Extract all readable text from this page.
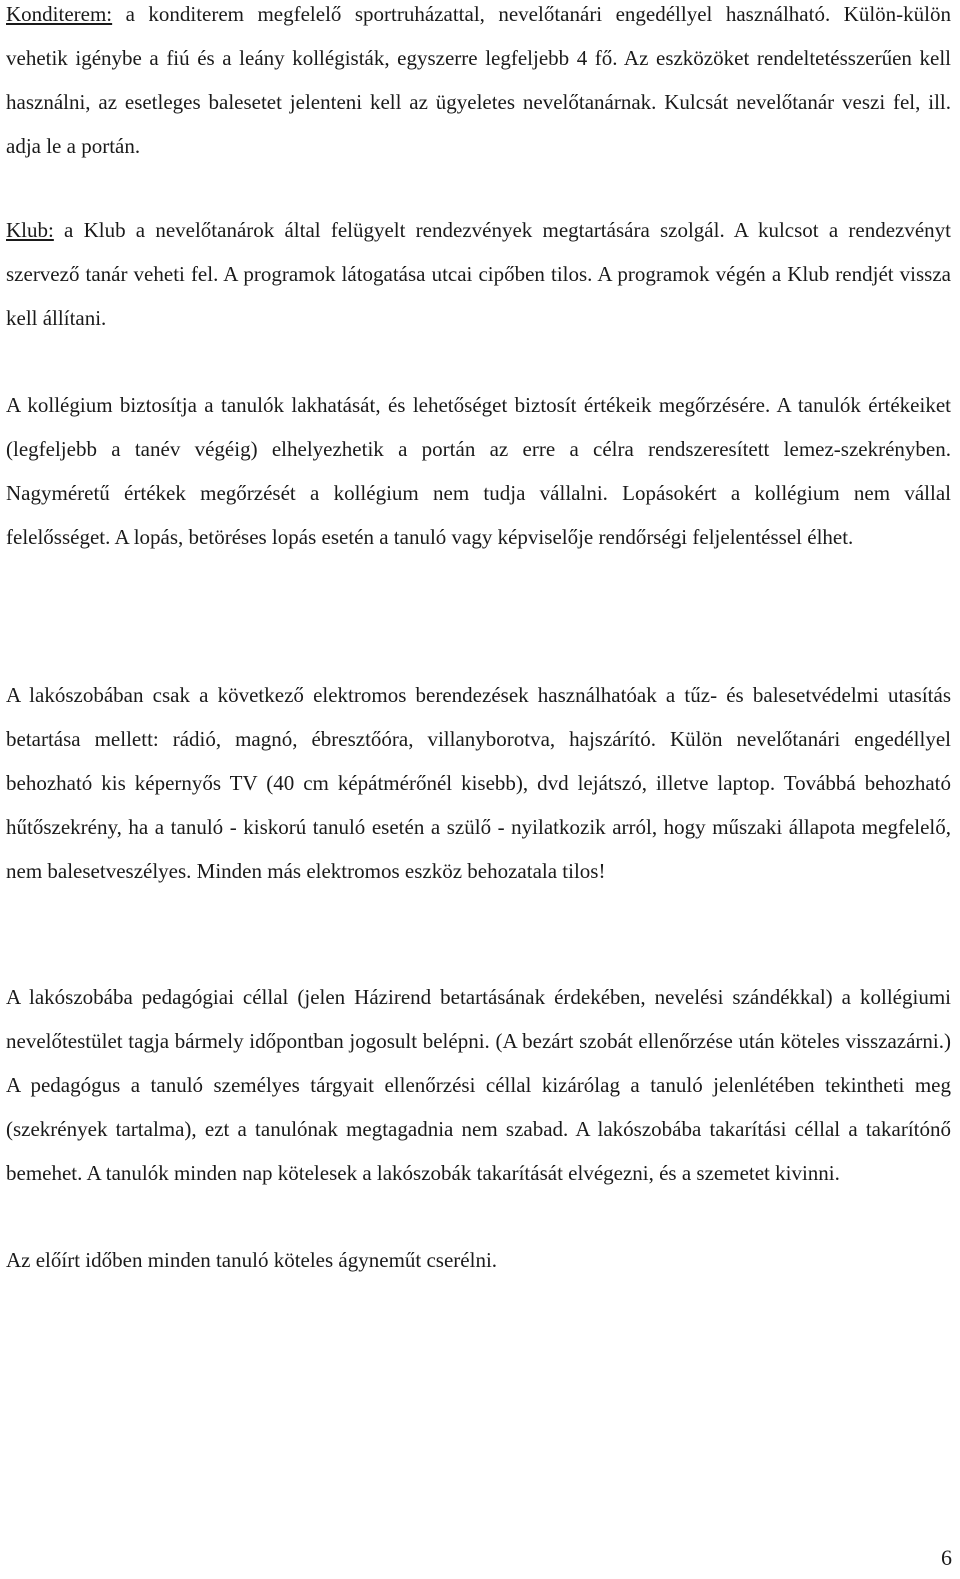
Konditerem: a konditerem megfelelő sportruházattal, nevelőtanári engedéllyel használható. Külön-külön vehetik igénybe a fiú és a leány kollégisták, egyszerre legfeljebb 4 fő. Az eszközöket rendeltetésszerűen kell használni, az esetleges balesetet jelenteni kell az ügyeletes nevelőtanárnak. Kulcsát nevelőtanár veszi fel, ill. adja le a portán.

Klub: a Klub a nevelőtanárok által felügyelt rendezvények megtartására szolgál. A kulcsot a rendezvényt szervező tanár veheti fel. A programok látogatása utcai cipőben tilos. A programok végén a Klub rendjét vissza kell állítani.

A kollégium biztosítja a tanulók lakhatását, és lehetőséget biztosít értékeik megőrzésére. A tanulók értékeiket (legfeljebb a tanév végéig) elhelyezhetik a portán az erre a célra rendszeresített lemez-szekrényben. Nagyméretű értékek megőrzését a kollégium nem tudja vállalni. Lopásokért a kollégium nem vállal felelősséget. A lopás, betöréses lopás esetén a tanuló vagy képviselője rendőrségi feljelentéssel élhet.

A lakószobában csak a következő elektromos berendezések használhatóak a tűz- és balesetvédelmi utasítás betartása mellett: rádió, magnó, ébresztőóra, villanyborotva, hajszárító. Külön nevelőtanári engedéllyel behozható kis képernyős TV (40 cm képátmérőnél kisebb), dvd lejátszó, illetve laptop. Továbbá behozható hűtőszekrény, ha a tanuló - kiskorú tanuló esetén a szülő - nyilatkozik arról, hogy műszaki állapota megfelelő, nem balesetveszélyes. Minden más elektromos eszköz behozatala tilos!

A lakószobába pedagógiai céllal (jelen Házirend betartásának érdekében, nevelési szándékkal) a kollégiumi nevelőtestület tagja bármely időpontban jogosult belépni. (A bezárt szobát ellenőrzése után köteles visszazárni.) A pedagógus a tanuló személyes tárgyait ellenőrzési céllal kizárólag a tanuló jelenlétében tekintheti meg (szekrények tartalma), ezt a tanulónak megtagadnia nem szabad. A lakószobába takarítási céllal a takarítónő bemehet. A tanulók minden nap kötelesek a lakószobák takarítását elvégezni, és a szemetet kivinni.

Az előírt időben minden tanuló köteles ágyneműt cserélni.

6
